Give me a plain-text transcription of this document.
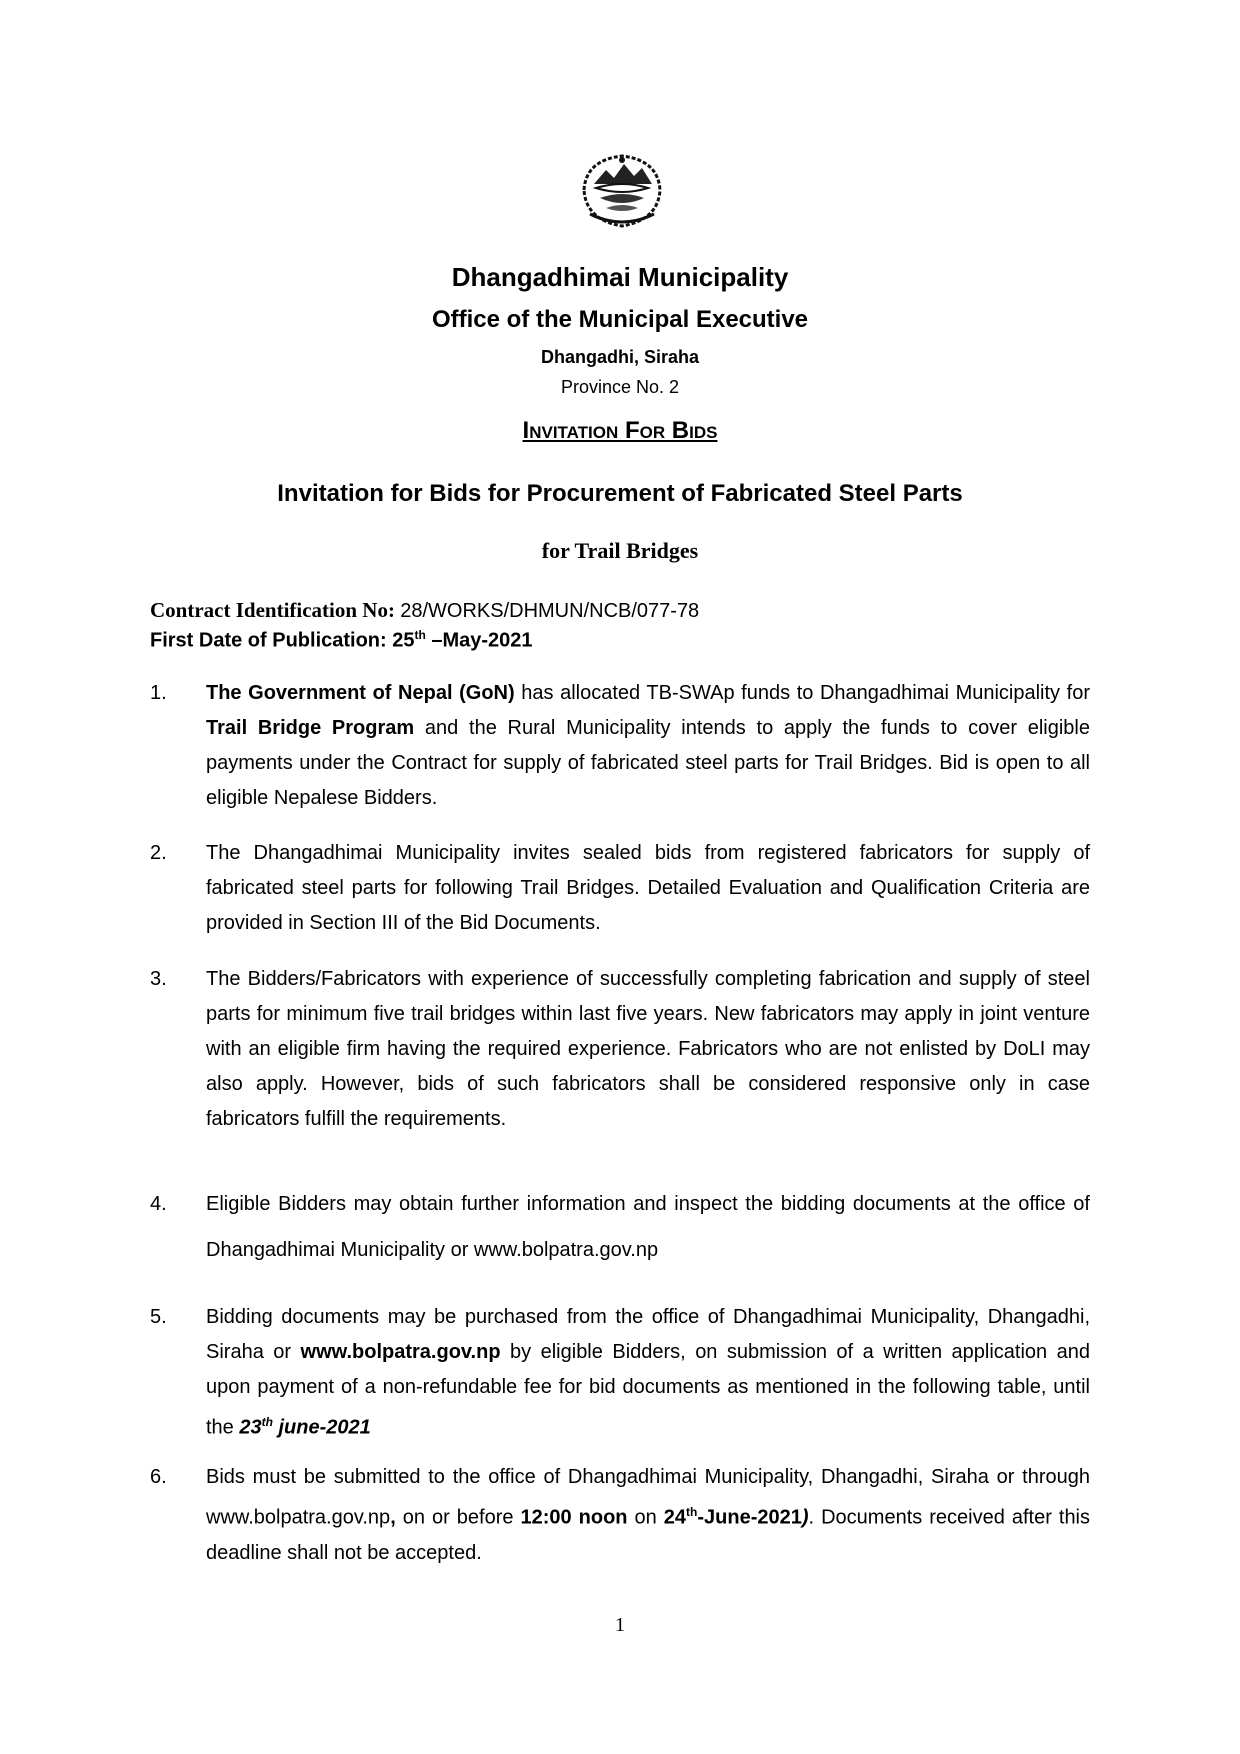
Dhangadhimai Municipality
Office of the Municipal Executive
Dhangadhi, Siraha
Province No. 2
Invitation For Bids
Invitation for Bids for Procurement of Fabricated Steel Parts
for Trail Bridges
Contract Identification No: 28/WORKS/DHMUN/NCB/077-78
First Date of Publication: 25th –May-2021
1. The Government of Nepal (GoN) has allocated TB-SWAp funds to Dhangadhimai Municipality for Trail Bridge Program and the Rural Municipality intends to apply the funds to cover eligible payments under the Contract for supply of fabricated steel parts for Trail Bridges. Bid is open to all eligible Nepalese Bidders.
2. The Dhangadhimai Municipality invites sealed bids from registered fabricators for supply of fabricated steel parts for following Trail Bridges. Detailed Evaluation and Qualification Criteria are provided in Section III of the Bid Documents.
3. The Bidders/Fabricators with experience of successfully completing fabrication and supply of steel parts for minimum five trail bridges within last five years. New fabricators may apply in joint venture with an eligible firm having the required experience. Fabricators who are not enlisted by DoLI may also apply. However, bids of such fabricators shall be considered responsive only in case fabricators fulfill the requirements.
4. Eligible Bidders may obtain further information and inspect the bidding documents at the office of Dhangadhimai Municipality or www.bolpatra.gov.np
5. Bidding documents may be purchased from the office of Dhangadhimai Municipality, Dhangadhi, Siraha or www.bolpatra.gov.np by eligible Bidders, on submission of a written application and upon payment of a non-refundable fee for bid documents as mentioned in the following table, until the 23th june-2021
6. Bids must be submitted to the office of Dhangadhimai Municipality, Dhangadhi, Siraha or through www.bolpatra.gov.np, on or before 12:00 noon on 24th-June-2021). Documents received after this deadline shall not be accepted.
1
